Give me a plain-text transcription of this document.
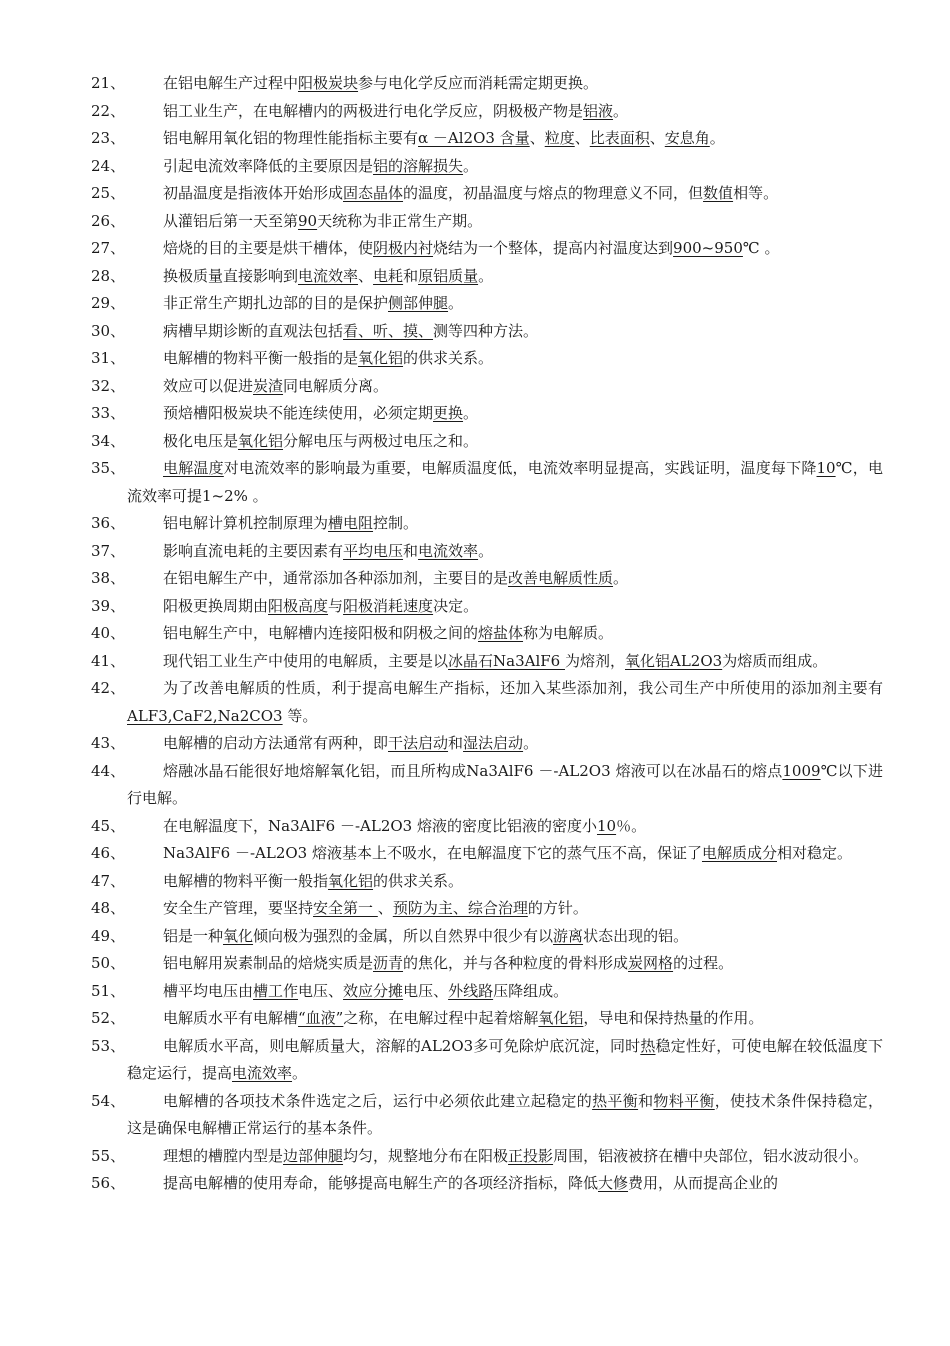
21、	在铝电解生产过程中阳极炭块参与电化学反应而消耗需定期更换。
22、	铝工业生产，在电解槽内的两极进行电化学反应，阴极极产物是铝液。
23、	铝电解用氧化铝的物理性能指标主要有α －Al2O3 含量、粒度、比表面积、安息角。
24、	引起电流效率降低的主要原因是铝的溶解损失。
25、	初晶温度是指液体开始形成固态晶体的温度，初晶温度与熔点的物理意义不同，但数值相等。
26、	从灌铝后第一天至第90天统称为非正常生产期。
27、	焙烧的目的主要是烘干槽体，使阴极内衬烧结为一个整体，提高内衬温度达到900~950℃ 。
28、	换极质量直接影响到电流效率、电耗和原铝质量。
29、	非正常生产期扎边部的目的是保护侧部伸腿。
30、	病槽早期诊断的直观法包括看、听、摸、测等四种方法。
31、	电解槽的物料平衡一般指的是氧化铝的供求关系。
32、	效应可以促进炭渣同电解质分离。
33、	预焙槽阳极炭块不能连续使用，必须定期更换。
34、	极化电压是氧化铝分解电压与两极过电压之和。
35、	电解温度对电流效率的影响最为重要，电解质温度低，电流效率明显提高，实践证明，温度每下降10℃，电流效率可提1~2% 。
36、	铝电解计算机控制原理为槽电阻控制。
37、	影响直流电耗的主要因素有平均电压和电流效率。
38、	在铝电解生产中，通常添加各种添加剂，主要目的是改善电解质性质。
39、	阳极更换周期由阳极高度与阳极消耗速度决定。
40、	铝电解生产中，电解槽内连接阳极和阴极之间的熔盐体称为电解质。
41、	现代铝工业生产中使用的电解质，主要是以冰晶石Na3AlF6 为熔剂，氧化铝AL2O3为熔质而组成。
42、	为了改善电解质的性质，利于提高电解生产指标，还加入某些添加剂，我公司生产中所使用的添加剂主要有ALF3,CaF2,Na2CO3 等。
43、	电解槽的启动方法通常有两种，即干法启动和湿法启动。
44、	熔融冰晶石能很好地熔解氧化铝，而且所构成Na3AlF6 －-AL2O3 熔液可以在冰晶石的熔点1009℃以下进行电解。
45、	在电解温度下，Na3AlF6 －-AL2O3 熔液的密度比铝液的密度小10％。
46、	Na3AlF6 －-AL2O3 熔液基本上不吸水，在电解温度下它的蒸气压不高，保证了电解质成分相对稳定。
47、	电解槽的物料平衡一般指氧化铝的供求关系。
48、	安全生产管理，要坚持安全第一 、预防为主、综合治理的方针。
49、	铝是一种氧化倾向极为强烈的金属，所以自然界中很少有以游离状态出现的铝。
50、	铝电解用炭素制品的焙烧实质是沥青的焦化，并与各种粒度的骨料形成炭网格的过程。
51、	槽平均电压由槽工作电压、效应分摊电压、外线路压降组成。
52、	电解质水平有电解槽“血液”之称，在电解过程中起着熔解氧化铝，导电和保持热量的作用。
53、	电解质水平高，则电解质量大，溶解的AL2O3多可免除炉底沉淀，同时热稳定性好，可使电解在较低温度下稳定运行，提高电流效率。
54、	电解槽的各项技术条件选定之后，运行中必须依此建立起稳定的热平衡和物料平衡，使技术条件保持稳定，这是确保电解槽正常运行的基本条件。
55、	理想的槽膛内型是边部伸腿均匀，规整地分布在阳极正投影周围，铝液被挤在槽中央部位，铝水波动很小。
56、	提高电解槽的使用寿命，能够提高电解生产的各项经济指标，降低大修费用，从而提高企业的
